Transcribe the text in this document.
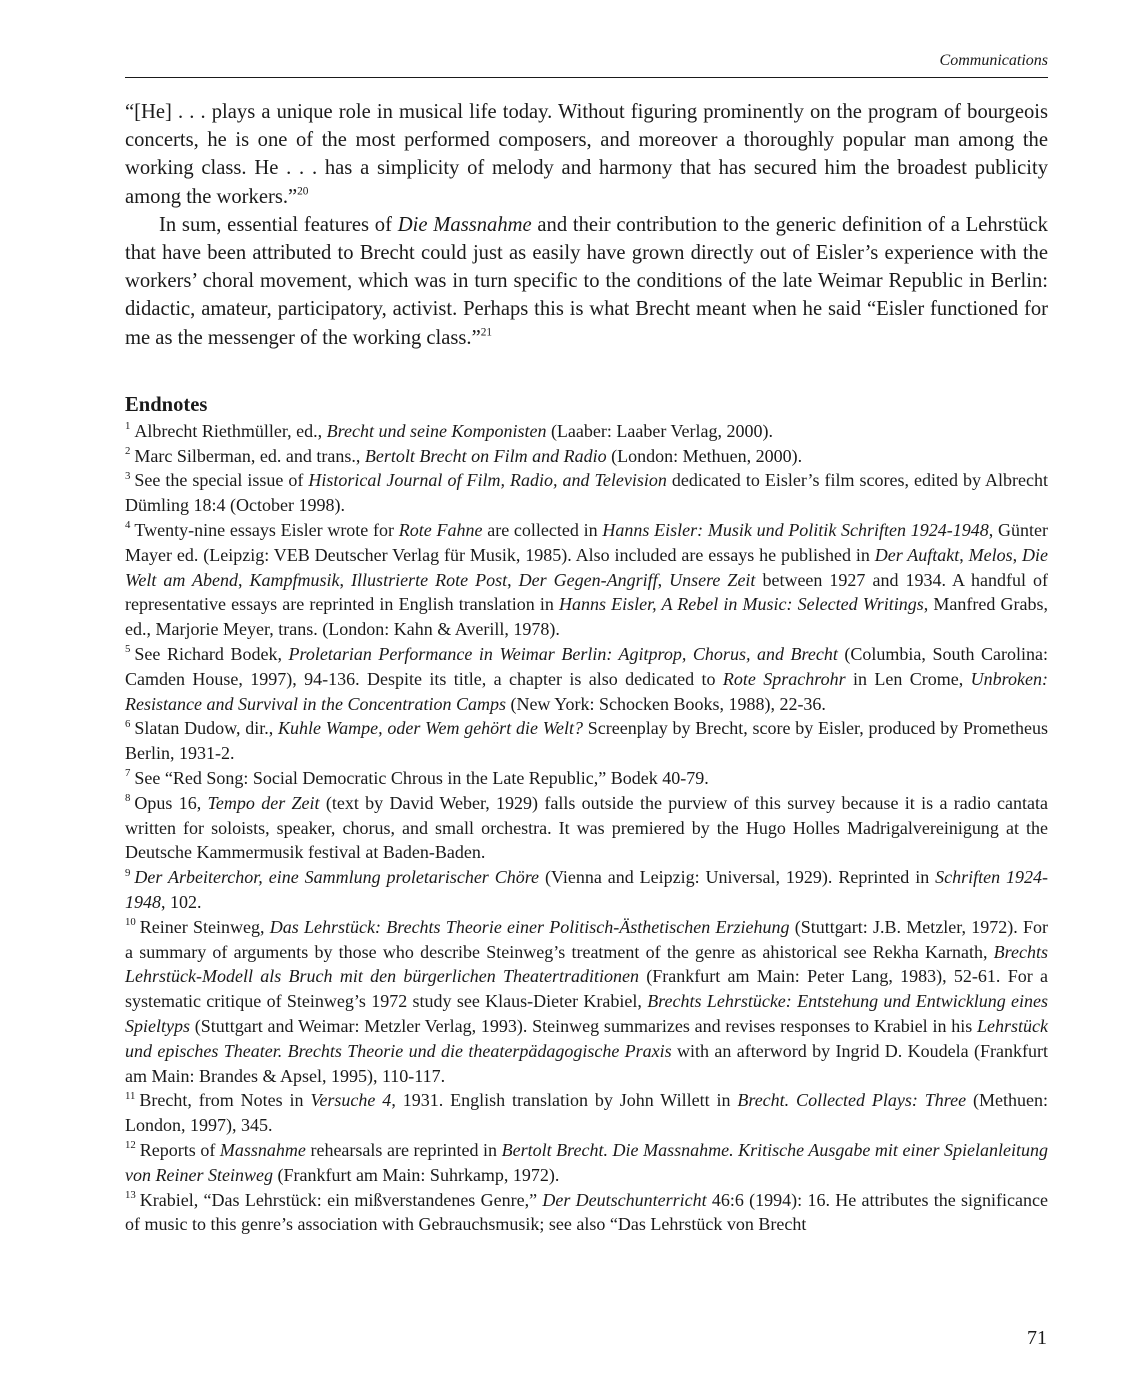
Communications

“[He] . . . plays a unique role in musical life today. Without figuring prominently on the program of bourgeois concerts, he is one of the most performed composers, and moreover a thoroughly popular man among the working class. He . . . has a simplicity of melody and harmony that has secured him the broadest publicity among the workers.”$^{20}$

In sum, essential features of Die Massnahme and their contribution to the generic definition of a Lehrstück that have been attributed to Brecht could just as easily have grown directly out of Eisler’s experience with the workers’ choral movement, which was in turn specific to the conditions of the late Weimar Republic in Berlin: didactic, amateur, participatory, activist. Perhaps this is what Brecht meant when he said “Eisler functioned for me as the messenger of the working class.”$^{21}$

Endnotes

$^1$ Albrecht Riethmüller, ed., Brecht und seine Komponisten (Laaber: Laaber Verlag, 2000).

$^2$ Marc Silberman, ed. and trans., Bertolt Brecht on Film and Radio (London: Methuen, 2000).

$^3$ See the special issue of Historical Journal of Film, Radio, and Television dedicated to Eisler’s film scores, edited by Albrecht Dümling 18:4 (October 1998).

$^4$ Twenty-nine essays Eisler wrote for Rote Fahne are collected in Hanns Eisler: Musik und Politik Schriften 1924-1948, Günter Mayer ed. (Leipzig: VEB Deutscher Verlag für Musik, 1985). Also included are essays he published in Der Auftakt, Melos, Die Welt am Abend, Kampfmusik, Illustrierte Rote Post, Der Gegen-Angriff, Unsere Zeit between 1927 and 1934. A handful of representative essays are reprinted in English translation in Hanns Eisler, A Rebel in Music: Selected Writings, Manfred Grabs, ed., Marjorie Meyer, trans. (London: Kahn & Averill, 1978).

$^5$ See Richard Bodek, Proletarian Performance in Weimar Berlin: Agitprop, Chorus, and Brecht (Columbia, South Carolina: Camden House, 1997), 94-136. Despite its title, a chapter is also dedicated to Rote Sprachrohr in Len Crome, Unbroken: Resistance and Survival in the Concentration Camps (New York: Schocken Books, 1988), 22-36.

$^6$ Slatan Dudow, dir., Kuhle Wampe, oder Wem gehört die Welt? Screenplay by Brecht, score by Eisler, produced by Prometheus Berlin, 1931-2.

$^7$ See “Red Song: Social Democratic Chrous in the Late Republic,” Bodek 40-79.

$^8$ Opus 16, Tempo der Zeit (text by David Weber, 1929) falls outside the purview of this survey because it is a radio cantata written for soloists, speaker, chorus, and small orchestra. It was premiered by the Hugo Holles Madrigalvereinigung at the Deutsche Kammermusik festival at Baden-Baden.

$^9$ Der Arbeiterchor, eine Sammlung proletarischer Chöre (Vienna and Leipzig: Universal, 1929). Reprinted in Schriften 1924-1948, 102.

$^{10}$ Reiner Steinweg, Das Lehrstück: Brechts Theorie einer Politisch-Ästhetischen Erziehung (Stuttgart: J.B. Metzler, 1972). For a summary of arguments by those who describe Steinweg’s treatment of the genre as ahistorical see Rekha Karnath, Brechts Lehrstück-Modell als Bruch mit den bürgerlichen Theatertraditionen (Frankfurt am Main: Peter Lang, 1983), 52-61. For a systematic critique of Steinweg’s 1972 study see Klaus-Dieter Krabiel, Brechts Lehrstücke: Entstehung und Entwicklung eines Spieltyps (Stuttgart and Weimar: Metzler Verlag, 1993). Steinweg summarizes and revises responses to Krabiel in his Lehrstück und episches Theater. Brechts Theorie und die theaterpädagogische Praxis with an afterword by Ingrid D. Koudela (Frankfurt am Main: Brandes & Apsel, 1995), 110-117.

$^{11}$ Brecht, from Notes in Versuche 4, 1931. English translation by John Willett in Brecht. Collected Plays: Three (Methuen: London, 1997), 345.

$^{12}$ Reports of Massnahme rehearsals are reprinted in Bertolt Brecht. Die Massnahme. Kritische Ausgabe mit einer Spielanleitung von Reiner Steinweg (Frankfurt am Main: Suhrkamp, 1972).

$^{13}$ Krabiel, “Das Lehrstück: ein mißverstandenes Genre,” Der Deutschunterricht 46:6 (1994): 16. He attributes the significance of music to this genre’s association with Gebrauchsmusik; see also “Das Lehrstück von Brecht

71
